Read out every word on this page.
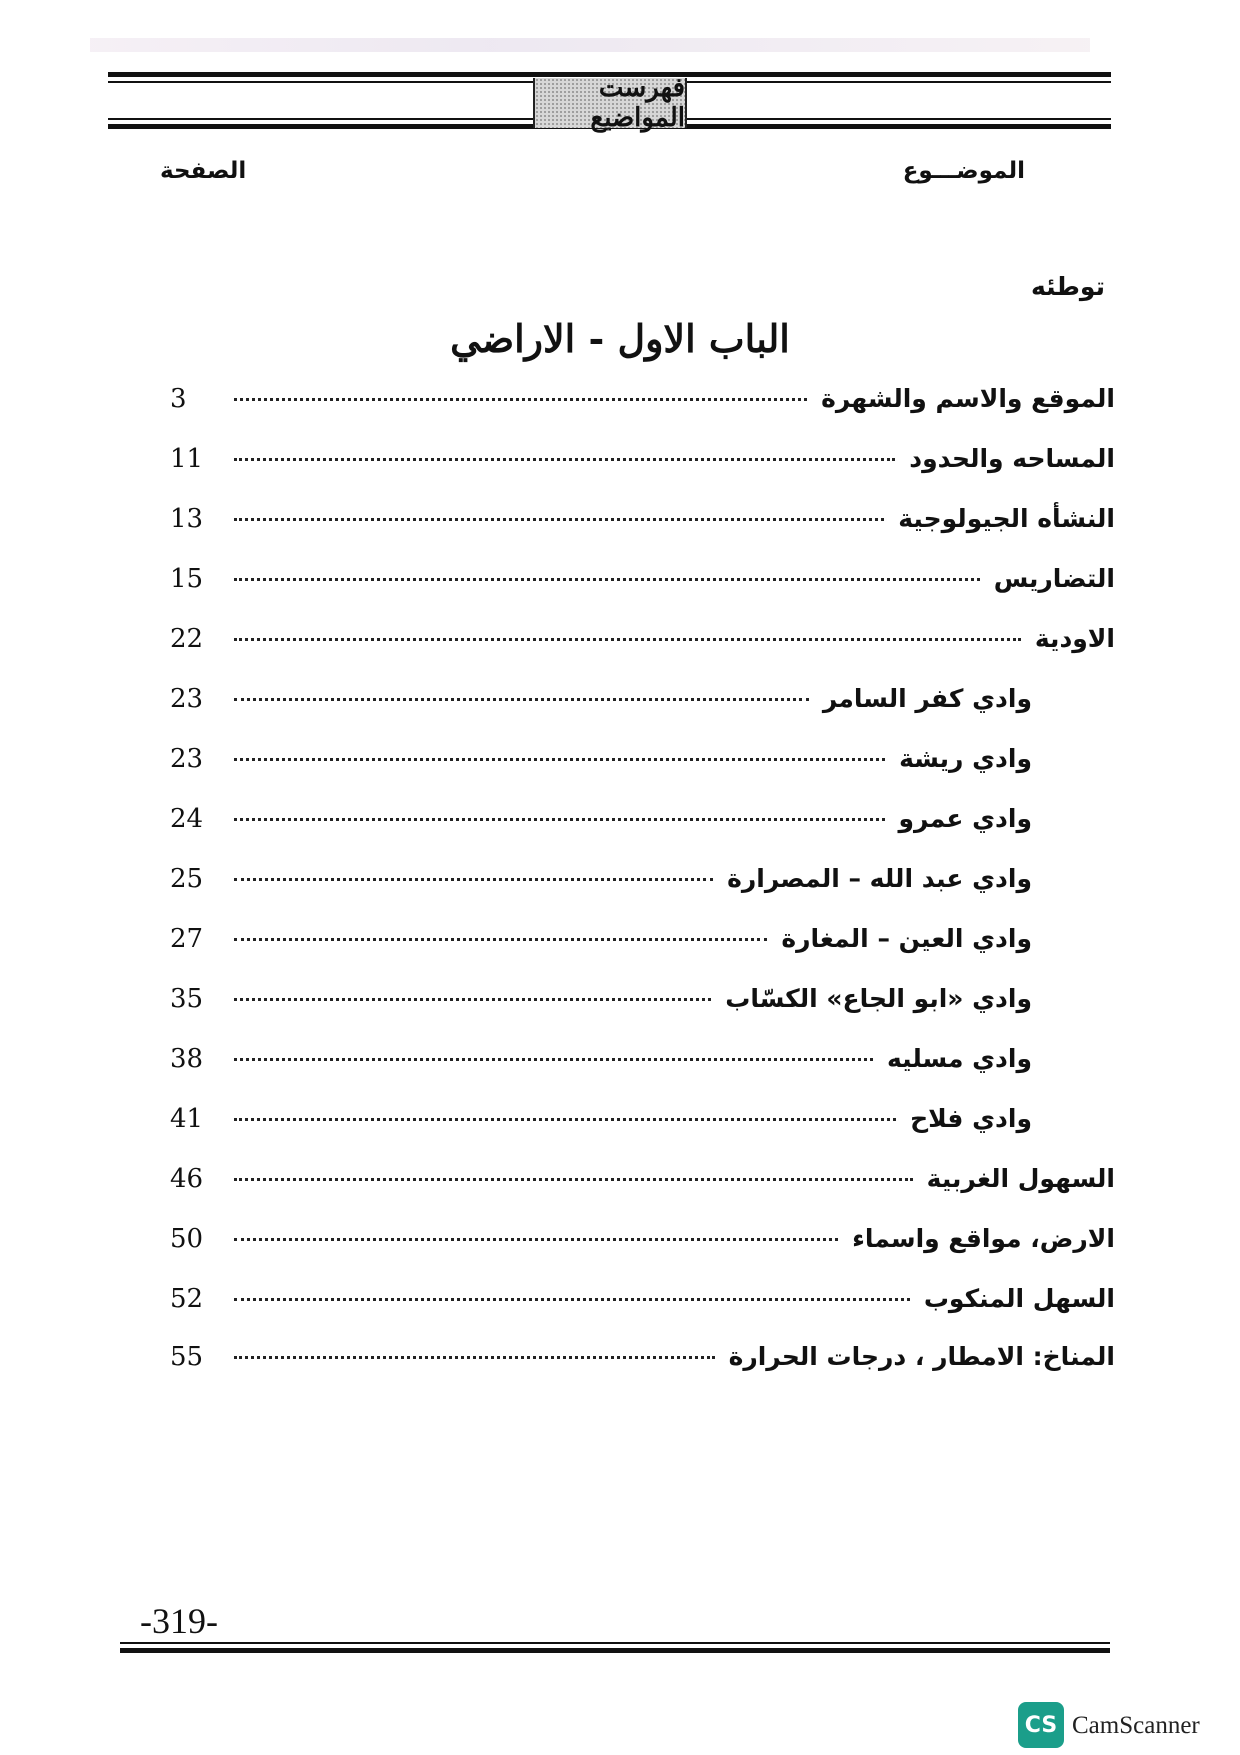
فهرست المواضيع
الموضـــوع
الصفحة
توطئه
الباب الاول - الاراضي
الموقع والاسم والشهرة
3
المساحه والحدود
11
النشأه الجيولوجية
13
التضاريس
15
الاودية
22
وادي كفر السامر
23
وادي ريشة
23
وادي عمرو
24
وادي عبد الله – المصرارة
25
وادي العين – المغارة
27
وادي «ابو الجاع» الكسّاب
35
وادي مسليه
38
وادي فلاح
41
السهول الغربية
46
الارض، مواقع واسماء
50
السهل المنكوب
52
المناخ: الامطار ، درجات الحرارة
55
-319-
CS CamScanner
